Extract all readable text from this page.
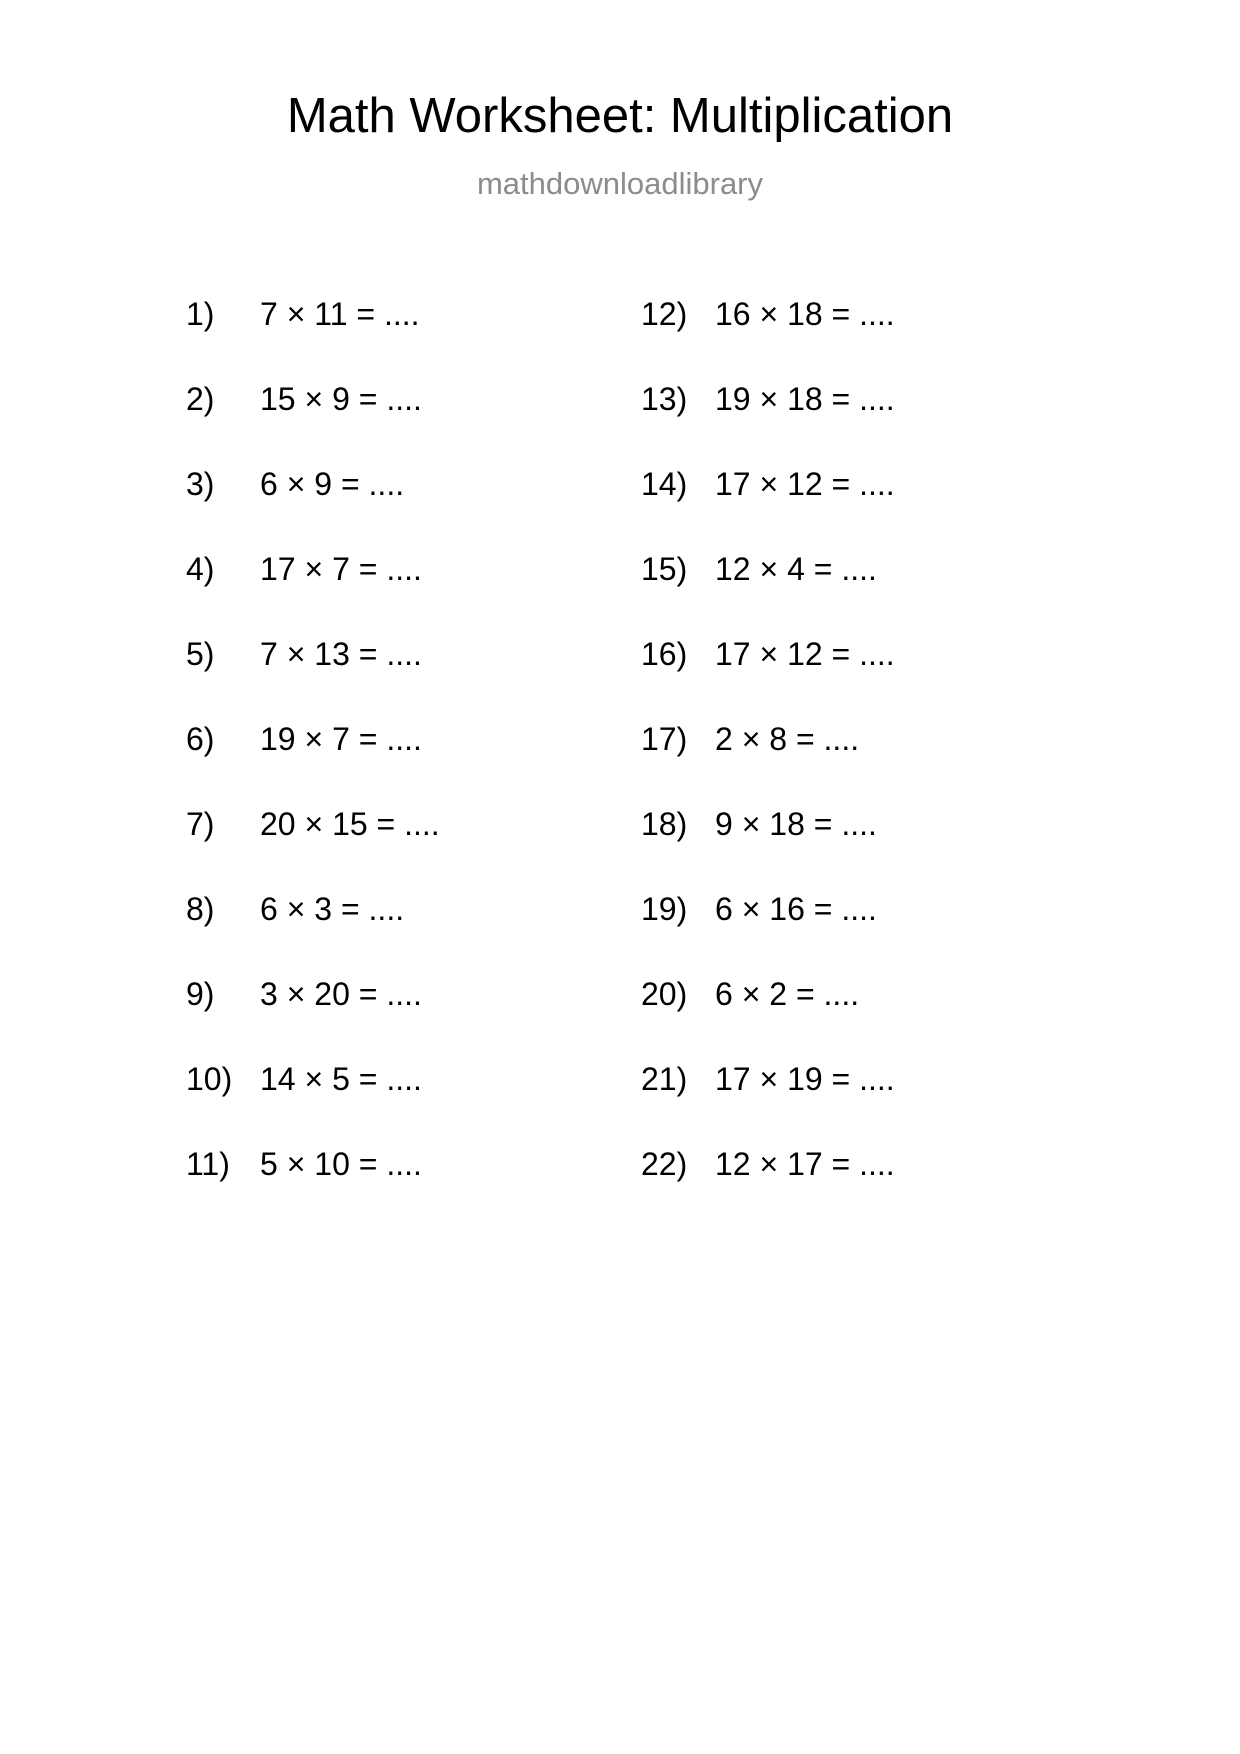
Math Worksheet: Multiplication
mathdownloadlibrary
1)	7 × 11 = ....
2)	15 × 9 = ....
3)	6 × 9 = ....
4)	17 × 7 = ....
5)	7 × 13 = ....
6)	19 × 7 = ....
7)	20 × 15 = ....
8)	6 × 3 = ....
9)	3 × 20 = ....
10) 14 × 5 = ....
11) 5 × 10 = ....
12) 16 × 18 = ....
13) 19 × 18 = ....
14) 17 × 12 = ....
15) 12 × 4 = ....
16) 17 × 12 = ....
17) 2 × 8 = ....
18) 9 × 18 = ....
19) 6 × 16 = ....
20) 6 × 2 = ....
21) 17 × 19 = ....
22) 12 × 17 = ....
